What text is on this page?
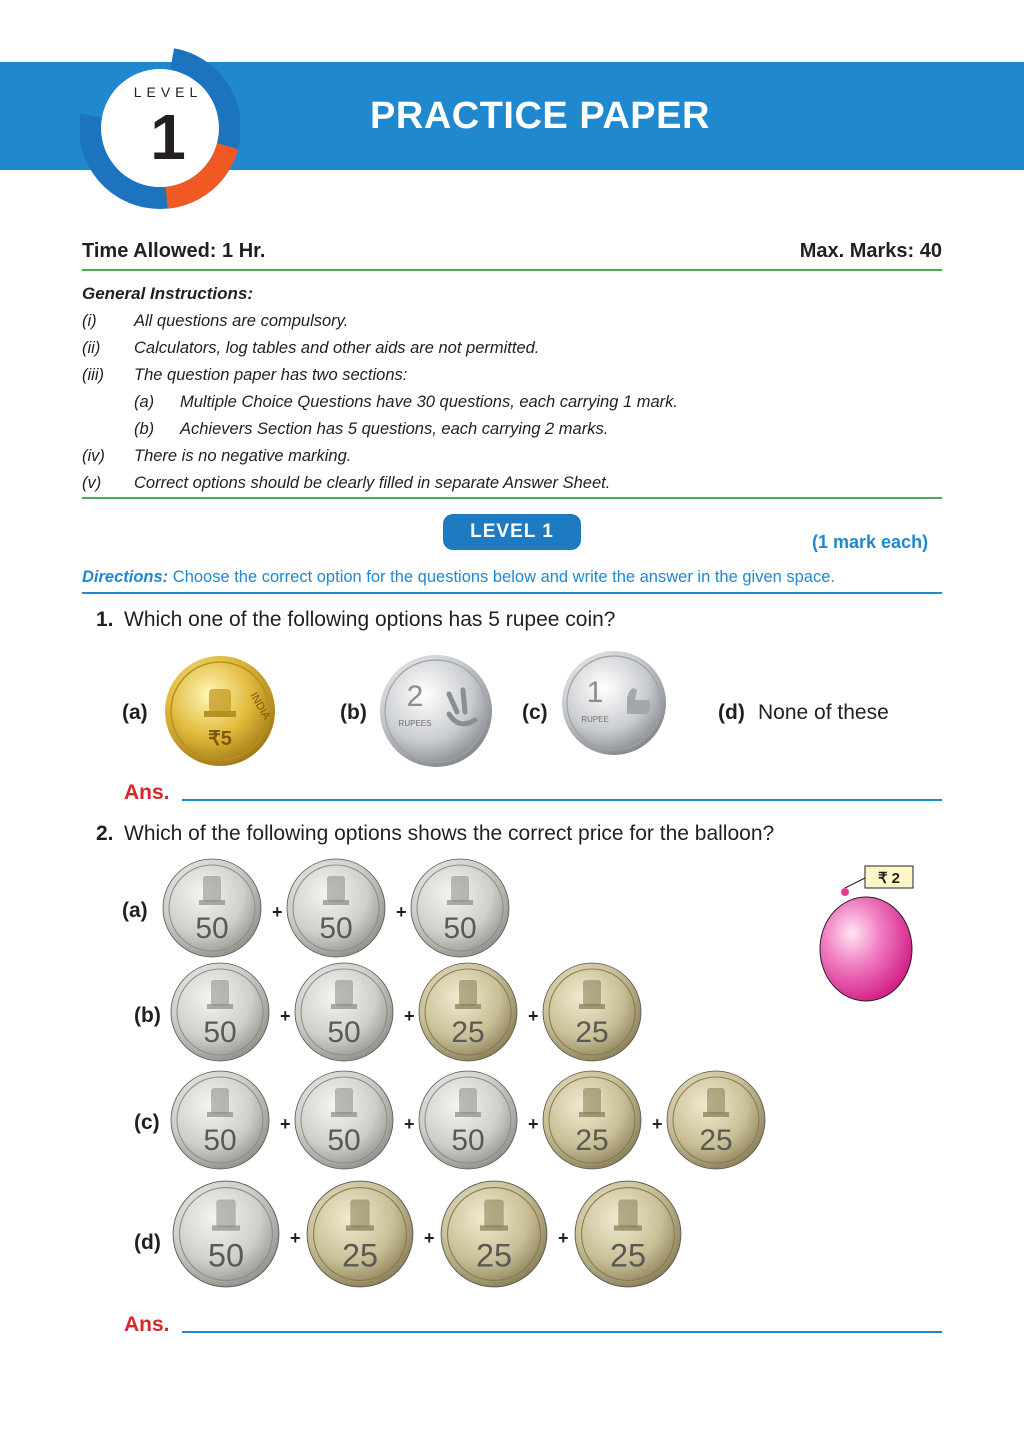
PRACTICE PAPER
LEVEL
1
Time Allowed: 1 Hr.	Max. Marks: 40
General Instructions:
(i) All questions are compulsory.
(ii) Calculators, log tables and other aids are not permitted.
(iii) The question paper has two sections:
(a) Multiple Choice Questions have 30 questions, each carrying 1 mark.
(b) Achievers Section has 5 questions, each carrying 2 marks.
(iv) There is no negative marking.
(v) Correct options should be clearly filled in separate Answer Sheet.
LEVEL 1	(1 mark each)
Directions: Choose the correct option for the questions below and write the answer in the given space.
1. Which one of the following options has 5 rupee coin?
(a)
₹5
INDIA	(b) 2
RUPEES	(c)
1
RUPEE	(d) None of these
Ans.
2. Which of the following options shows the correct price for the balloon?
₹ 2
(a)
(b)
(c)
(d)
50 + 50 + 50
50 + 50 + 25 + 25
50 + 50 + 50 + 25 + 25
50	+ 25	+ 25	+ 25
Ans.
